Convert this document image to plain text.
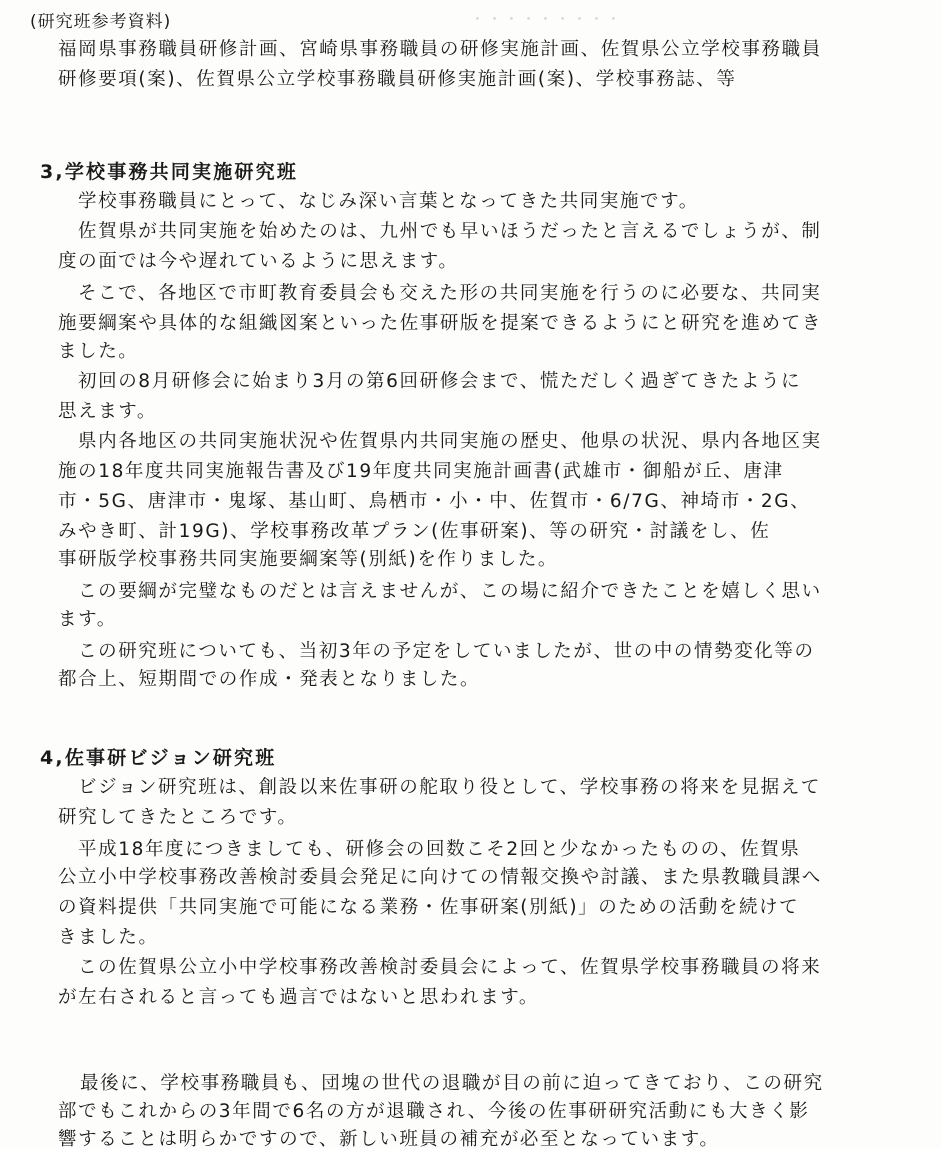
・・・・・・・・・
(研究班参考資料)
福岡県事務職員研修計画、宮崎県事務職員の研修実施計画、佐賀県公立学校事務職員
研修要項(案)、佐賀県公立学校事務職員研修実施計画(案)、学校事務誌、等
3,学校事務共同実施研究班
学校事務職員にとって、なじみ深い言葉となってきた共同実施です。
佐賀県が共同実施を始めたのは、九州でも早いほうだったと言えるでしょうが、制
度の面では今や遅れているように思えます。
そこで、各地区で市町教育委員会も交えた形の共同実施を行うのに必要な、共同実
施要綱案や具体的な組織図案といった佐事研版を提案できるようにと研究を進めてき
ました。
初回の8月研修会に始まり3月の第6回研修会まで、慌ただしく過ぎてきたように
思えます。
県内各地区の共同実施状況や佐賀県内共同実施の歴史、他県の状況、県内各地区実
施の18年度共同実施報告書及び19年度共同実施計画書(武雄市・御船が丘、唐津
市・5G、唐津市・鬼塚、基山町、鳥栖市・小・中、佐賀市・6/7G、神埼市・2G、
みやき町、計19G)、学校事務改革プラン(佐事研案)、等の研究・討議をし、佐
事研版学校事務共同実施要綱案等(別紙)を作りました。
この要綱が完璧なものだとは言えませんが、この場に紹介できたことを嬉しく思い
ます。
この研究班についても、当初3年の予定をしていましたが、世の中の情勢変化等の
都合上、短期間での作成・発表となりました。
4,佐事研ビジョン研究班
ビジョン研究班は、創設以来佐事研の舵取り役として、学校事務の将来を見据えて
研究してきたところです。
平成18年度につきましても、研修会の回数こそ2回と少なかったものの、佐賀県
公立小中学校事務改善検討委員会発足に向けての情報交換や討議、また県教職員課へ
の資料提供「共同実施で可能になる業務・佐事研案(別紙)」のための活動を続けて
きました。
この佐賀県公立小中学校事務改善検討委員会によって、佐賀県学校事務職員の将来
が左右されると言っても過言ではないと思われます。
最後に、学校事務職員も、団塊の世代の退職が目の前に迫ってきており、この研究
部でもこれからの3年間で6名の方が退職され、今後の佐事研研究活動にも大きく影
響することは明らかですので、新しい班員の補充が必至となっています。
